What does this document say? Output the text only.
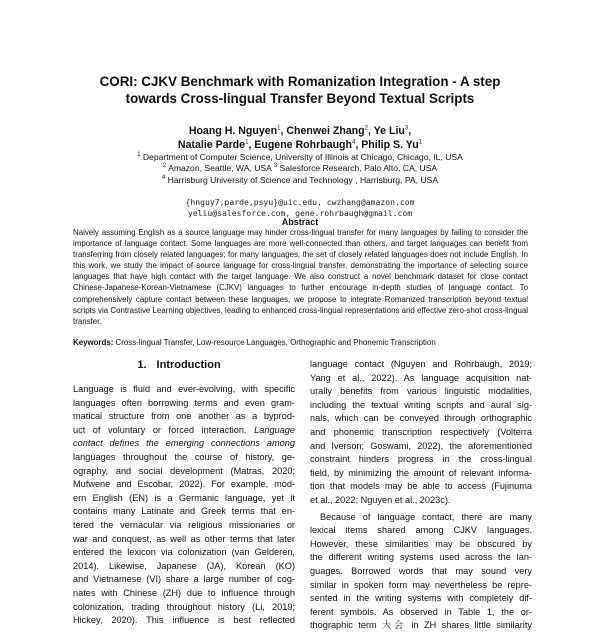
CORI: CJKV Benchmark with Romanization Integration - A step
towards Cross-lingual Transfer Beyond Textual Scripts
Hoang H. Nguyen$^1$, Chenwei Zhang$^2$, Ye Liu$^3$,
Natalie Parde$^1$, Eugene Rohrbaugh$^4$, Philip S. Yu$^1$
$^1$ Department of Computer Science, University of Illinois at Chicago, Chicago, IL, USA
$^2$ Amazon, Seattle, WA, USA $^3$ Salesforce Research, Palo Alto, CA, USA
$^4$ Harrisburg University of Science and Technology , Harrisburg, PA, USA
{hnguy7,parde,psyu}@uic.edu, cwzhang@amazon.com
yeliu@salesforce.com, gene.rohrbaugh@gmail.com
Abstract
Naively assuming English as a source language may hinder cross-lingual transfer for many languages by failing to consider the importance of language contact. Some languages are more well-connected than others, and target languages can benefit from transferring from closely related languages; for many languages, the set of closely related languages does not include English. In this work, we study the impact of source language for cross-lingual transfer, demonstrating the importance of selecting source languages that have high contact with the target language. We also construct a novel benchmark dataset for close contact Chinese-Japanese-Korean-Vietnamese (CJKV) languages to further encourage in-depth studies of language contact. To comprehensively capture contact between these languages, we propose to integrate Romanized transcription beyond textual scripts via Contrastive Learning objectives, leading to enhanced cross-lingual representations and effective zero-shot cross-lingual transfer.
Keywords: Cross-lingual Transfer, Low-resource Languages, Orthographic and Phonemic Transcription
1. Introduction

Language is fluid and ever-evolving, with specific
languages often borrowing terms and even gram-
matical structure from one another as a byprod-
uct of voluntary or forced interaction. Language
contact defines the emerging connections among
languages throughout the course of history, ge-
ography, and social development (Matras, 2020;
Mufwene and Escobar, 2022). For example, mod-
ern English (EN) is a Germanic language, yet it
contains many Latinate and Greek terms that en-
tered the vernacular via religious missionaries or
war and conquest, as well as other terms that later
entered the lexicon via colonization (van Gelderen,
2014). Likewise, Japanese (JA), Korean (KO)
and Vietnamese (VI) share a large number of cog-
nates with Chinese (ZH) due to influence through
colonization, trading throughout history (Li, 2019;
Hickey, 2020). This influence is best reflected

language contact (Nguyen and Rohrbaugh, 2019;
Yang et al., 2022). As language acquisition nat-
urally benefits from various linguistic modalities,
including the textual writing scripts and aural sig-
nals, which can be conveyed through orthographic
and phonemic transcription respectively (Volterra
and Iverson; Goswami, 2022), the aforementioned
constraint hinders progress in the cross-lingual
field, by minimizing the amount of relevant informa-
tion that models may be able to access (Fujinuma
et al., 2022; Nguyen et al., 2023c).

Because of language contact, there are many
lexical items shared among CJKV languages.
However, these similarities may be obscured by
the different writing systems used across the lan-
guages. Borrowed words that may sound very
similar in spoken form may nevertheless be repre-
sented in the writing systems with completely dif-
ferent symbols. As observed in Table 1, the or-
thographic term 大会 in ZH shares little similarity
